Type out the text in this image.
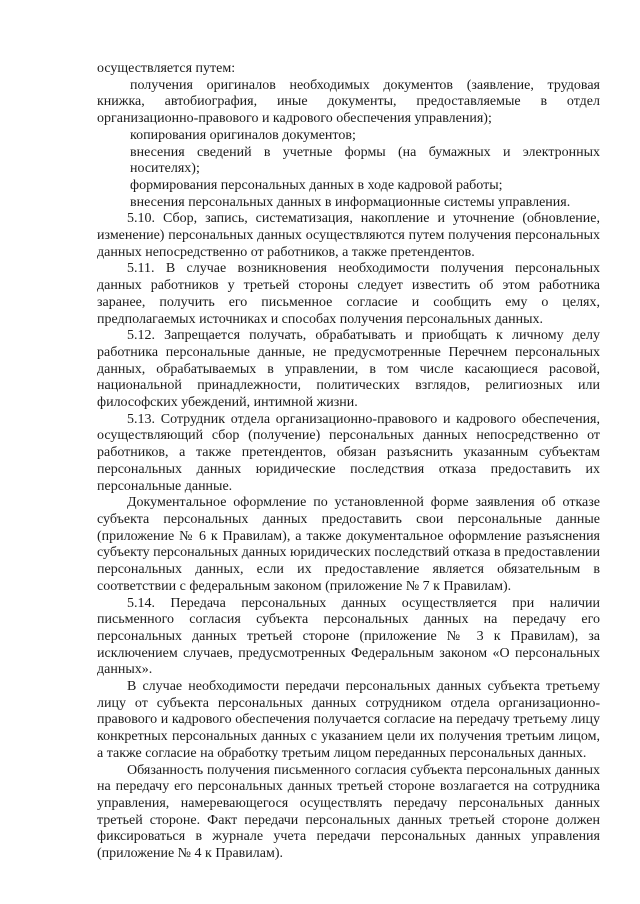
осуществляется путем:

получения оригиналов необходимых документов (заявление, трудовая книжка, автобиография, иные документы, предоставляемые в отдел организационно-правового и кадрового обеспечения управления);

копирования оригиналов документов;

внесения сведений в учетные формы (на бумажных и электронных носителях);

формирования персональных данных в ходе кадровой работы;

внесения персональных данных в информационные системы управления.

5.10. Сбор, запись, систематизация, накопление и уточнение (обновление, изменение) персональных данных осуществляются путем получения персональных данных непосредственно от работников, а также претендентов.

5.11. В случае возникновения необходимости получения персональных данных работников у третьей стороны следует известить об этом работника заранее, получить его письменное согласие и сообщить ему о целях, предполагаемых источниках и способах получения персональных данных.

5.12. Запрещается получать, обрабатывать и приобщать к личному делу работника персональные данные, не предусмотренные Перечнем персональных данных, обрабатываемых в управлении, в том числе касающиеся расовой, национальной принадлежности, политических взглядов, религиозных или философских убеждений, интимной жизни.

5.13. Сотрудник отдела организационно-правового и кадрового обеспечения, осуществляющий сбор (получение) персональных данных непосредственно от работников, а также претендентов, обязан разъяснить указанным субъектам персональных данных юридические последствия отказа предоставить их персональные данные.

Документальное оформление по установленной форме заявления об отказе субъекта персональных данных предоставить свои персональные данные (приложение № 6 к Правилам), а также документальное оформление разъяснения субъекту персональных данных юридических последствий отказа в предоставлении персональных данных, если их предоставление является обязательным в соответствии с федеральным законом (приложение № 7 к Правилам).

5.14. Передача персональных данных осуществляется при наличии письменного согласия субъекта персональных данных на передачу его персональных данных третьей стороне (приложение № 3 к Правилам), за исключением случаев, предусмотренных Федеральным законом «О персональных данных».

В случае необходимости передачи персональных данных субъекта третьему лицу от субъекта персональных данных сотрудником отдела организационно-правового и кадрового обеспечения получается согласие на передачу третьему лицу конкретных персональных данных с указанием цели их получения третьим лицом, а также согласие на обработку третьим лицом переданных персональных данных.

Обязанность получения письменного согласия субъекта персональных данных на передачу его персональных данных третьей стороне возлагается на сотрудника управления, намеревающегося осуществлять передачу персональных данных третьей стороне. Факт передачи персональных данных третьей стороне должен фиксироваться в журнале учета передачи персональных данных управления (приложение № 4 к Правилам).
